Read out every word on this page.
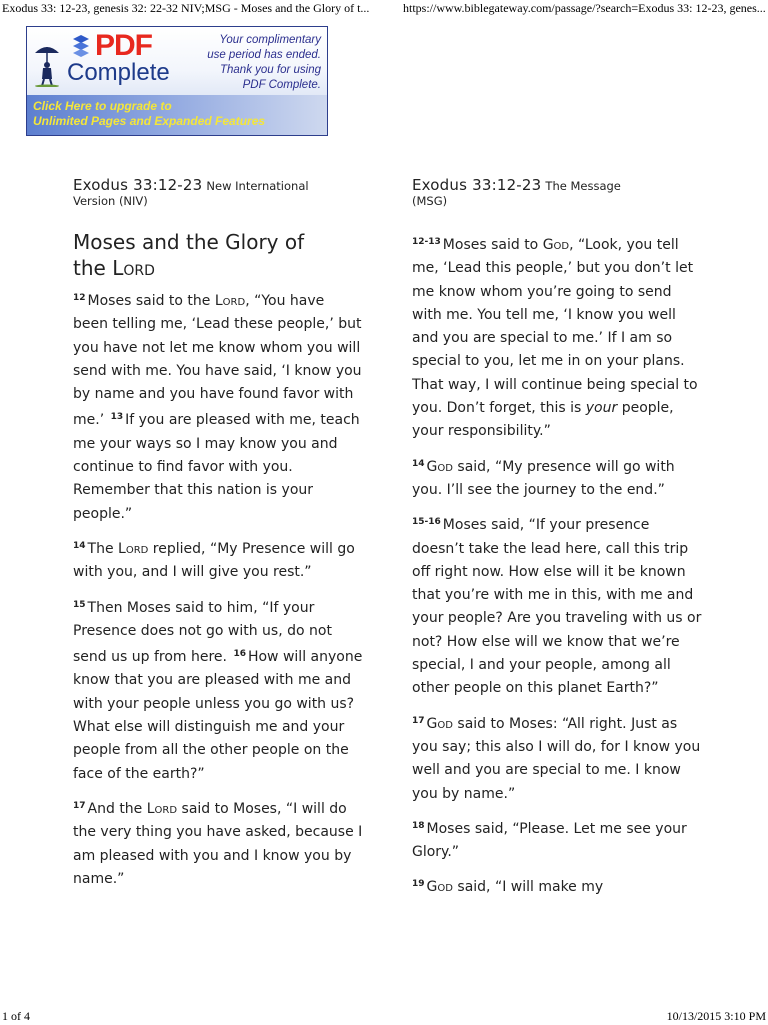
Exodus 33: 12-23, genesis 32: 22-32 NIV;MSG - Moses and the Glory of t...	https://www.biblegateway.com/passage/?search=Exodus 33: 12-23, genes...
PDF
Complete
Your complimentary
use period has ended.
Thank you for using
PDF Complete.
Click Here to upgrade to
Unlimited Pages and Expanded Features

Exodus 33:12-23 New International
Version (NIV)

Moses and the Glory of
the Lord

$^{12}$ Moses said to the Lord, “You have been telling me, ‘Lead these people,’ but you have not let me know whom you will send with me. You have said, ‘I know you by name and you have found favor with me.’ $^{13}$ If you are pleased with me, teach me your ways so I may know you and continue to find favor with you. Remember that this nation is your people.”

$^{14}$ The Lord replied, “My Presence will go with you, and I will give you rest.”

$^{15}$ Then Moses said to him, “If your Presence does not go with us, do not send us up from here. $^{16}$ How will anyone know that you are pleased with me and with your people unless you go with us? What else will distinguish me and your people from all the other people on the face of the earth?”

$^{17}$ And the Lord said to Moses, “I will do the very thing you have asked, because I am pleased with you and I know you by name.”

Exodus 33:12-23 The Message
(MSG)

$^{12-13}$ Moses said to God, “Look, you tell me, ‘Lead this people,’ but you don’t let me know whom you’re going to send with me. You tell me, ‘I know you well and you are special to me.’ If I am so special to you, let me in on your plans. That way, I will continue being special to you. Don’t forget, this is your people, your responsibility.”

$^{14}$ God said, “My presence will go with you. I’ll see the journey to the end.”

$^{15-16}$ Moses said, “If your presence doesn’t take the lead here, call this trip off right now. How else will it be known that you’re with me in this, with me and your people? Are you traveling with us or not? How else will we know that we’re special, I and your people, among all other people on this planet Earth?”

$^{17}$ God said to Moses: “All right. Just as you say; this also I will do, for I know you well and you are special to me. I know you by name.”

$^{18}$ Moses said, “Please. Let me see your Glory.”

$^{19}$ God said, “I will make my

1 of 4	10/13/2015 3:10 PM
